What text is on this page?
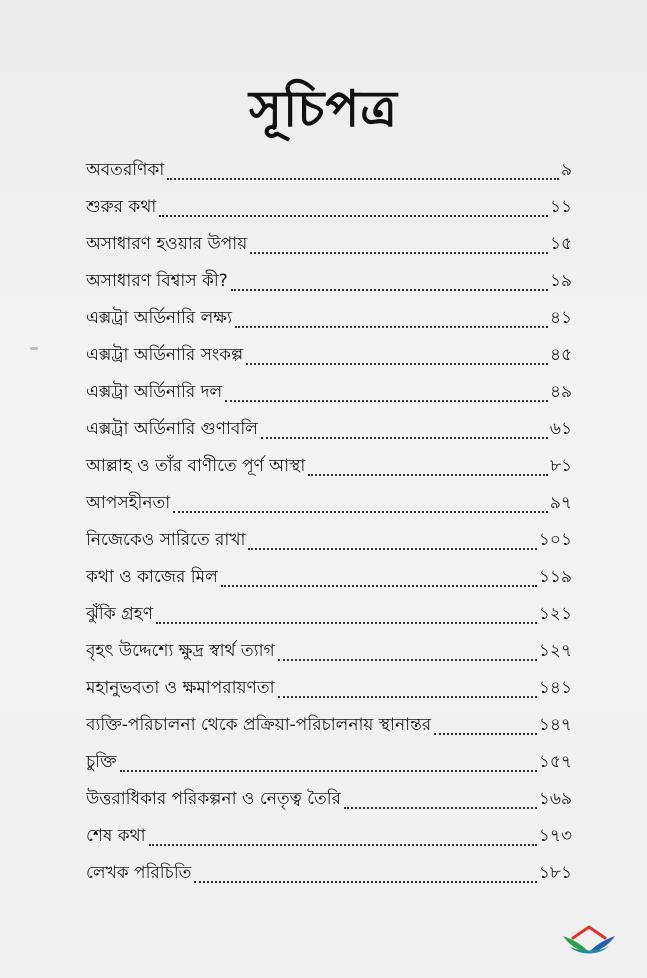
সূচিপত্র
অবতরণিকা	৯
শুরুর কথা	১১
অসাধারণ হওয়ার উপায়	১৫
অসাধারণ বিশ্বাস কী?	১৯
এক্সট্রা অর্ডিনারি লক্ষ্য	৪১
এক্সট্রা অর্ডিনারি সংকল্প	৪৫
এক্সট্রা অর্ডিনারি দল	৪৯
এক্সট্রা অর্ডিনারি গুণাবলি	৬১
আল্লাহ ও তাঁর বাণীতে পূর্ণ আস্থা	৮১
আপসহীনতা	৯৭
নিজেকেও সারিতে রাখা	১০১
কথা ও কাজের মিল	১১৯
ঝুঁকি গ্রহণ	১২১
বৃহৎ উদ্দেশ্যে ক্ষুদ্র স্বার্থ ত্যাগ	১২৭
মহানুভবতা ও ক্ষমাপরায়ণতা	১৪১
ব্যক্তি-পরিচালনা থেকে প্রক্রিয়া-পরিচালনায় স্থানান্তর	১৪৭
চুক্তি	১৫৭
উত্তরাধিকার পরিকল্পনা ও নেতৃত্ব তৈরি	১৬৯
শেষ কথা	১৭৩
লেখক পরিচিতি	১৮১
